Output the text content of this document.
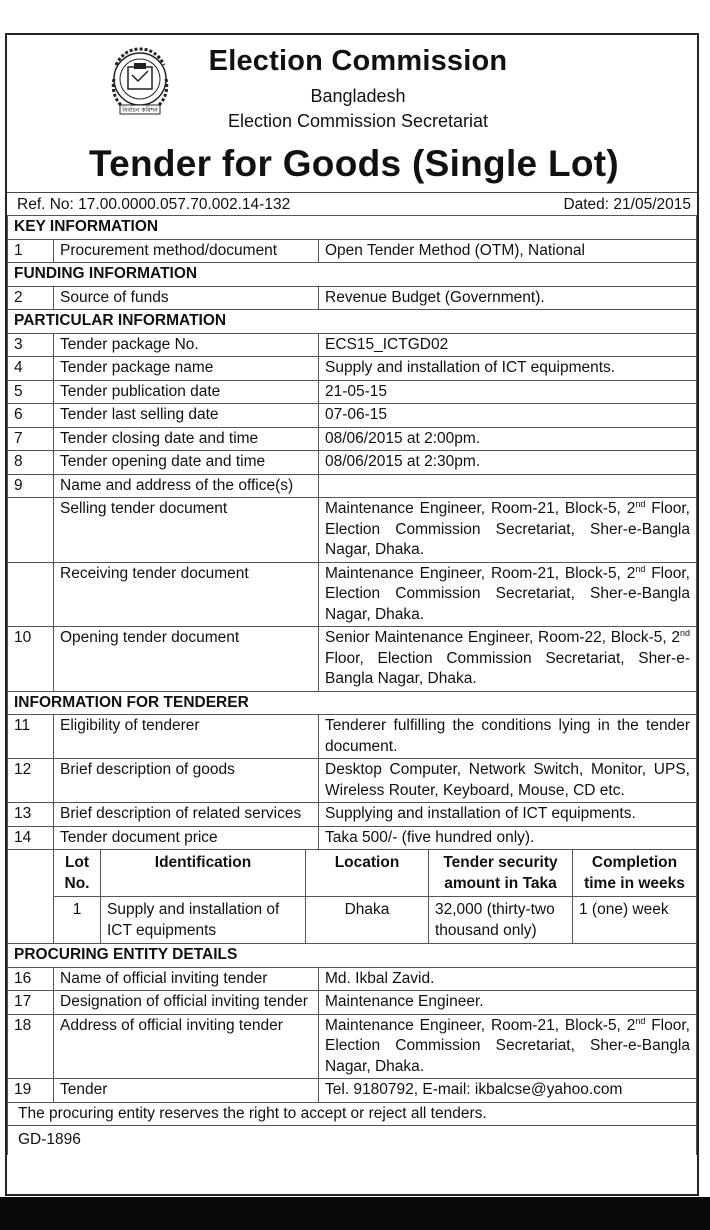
নির্বাচন কমিশন
Election Commission
Bangladesh
Election Commission Secretariat
Tender for Goods (Single Lot)
Ref. No: 17.00.0000.057.70.002.14-132	Dated: 21/05/2015
KEY INFORMATION
1	Procurement method/document	Open Tender Method (OTM), National
FUNDING INFORMATION
2	Source of funds	Revenue Budget (Government).
PARTICULAR INFORMATION
3	Tender package No.	ECS15_ICTGD02
4	Tender package name	Supply and installation of ICT equipments.
5	Tender publication date	21-05-15
6	Tender last selling date	07-06-15
7	Tender closing date and time	08/06/2015 at 2:00pm.
8	Tender opening date and time	08/06/2015 at 2:30pm.
9	Name and address of the office(s)	
	Selling tender document	Maintenance Engineer, Room-21, Block-5, 2nd Floor, Election Commission Secretariat, Sher-e-Bangla Nagar, Dhaka.
	Receiving tender document	Maintenance Engineer, Room-21, Block-5, 2nd Floor, Election Commission Secretariat, Sher-e-Bangla Nagar, Dhaka.
10	Opening tender document	Senior Maintenance Engineer, Room-22, Block-5, 2nd Floor, Election Commission Secretariat, Sher-e-Bangla Nagar, Dhaka.
INFORMATION FOR TENDERER
11	Eligibility of tenderer	Tenderer fulfilling the conditions lying in the tender document.
12	Brief description of goods	Desktop Computer, Network Switch, Monitor, UPS, Wireless Router, Keyboard, Mouse, CD etc.
13	Brief description of related services	Supplying and installation of ICT equipments.
14	Tender document price	Taka 500/- (five hundred only).

Lot No.	Identification	Location	Tender security amount in Taka	Completion time in weeks
1	Supply and installation of ICT equipments	Dhaka	32,000 (thirty-two thousand only)	1 (one) week

PROCURING ENTITY DETAILS
16	Name of official inviting tender	Md. Ikbal Zavid.
17	Designation of official inviting tender	Maintenance Engineer.
18	Address of official inviting tender	Maintenance Engineer, Room-21, Block-5, 2nd Floor, Election Commission Secretariat, Sher-e-Bangla Nagar, Dhaka.
19	Tender	Tel. 9180792, E-mail: ikbalcse@yahoo.com
The procuring entity reserves the right to accept or reject all tenders.
GD-1896
